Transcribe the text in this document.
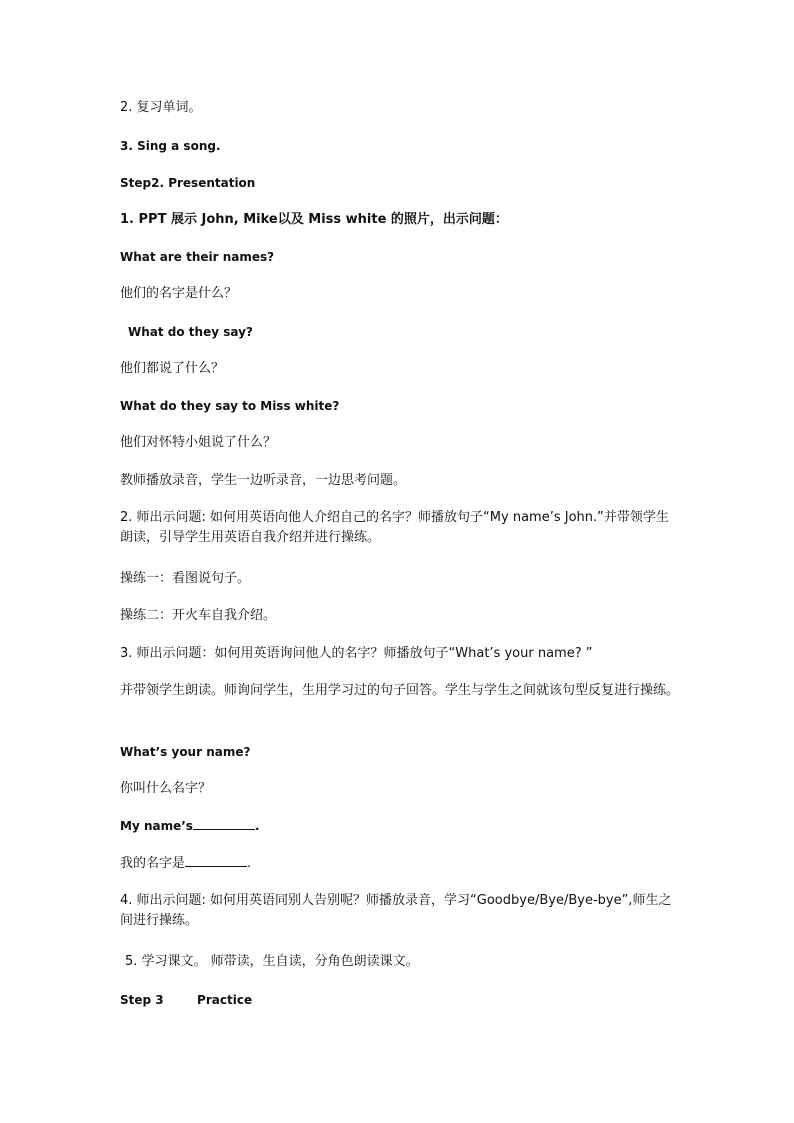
2. 复习单词。
3. Sing a song.
Step2. Presentation
1. PPT 展示 John, Mike以及 Miss white 的照片，出示问题：
What are their names?
他们的名字是什么？
What do they say?
他们都说了什么？
What do they say to Miss white?
他们对怀特小姐说了什么？
教师播放录音，学生一边听录音，一边思考问题。
2. 师出示问题: 如何用英语向他人介绍自己的名字？师播放句子“My name’s John.”并带领学生朗读，引导学生用英语自我介绍并进行操练。
操练一：看图说句子。
操练二：开火车自我介绍。
3. 师出示问题：如何用英语询问他人的名字？师播放句子“What’s your name? ”
并带领学生朗读。师询问学生，生用学习过的句子回答。学生与学生之间就该句型反复进行操练。
What’s your name?
你叫什么名字？
My name’s	.
我的名字是	.
4. 师出示问题: 如何用英语同别人告别呢？师播放录音，学习“Goodbye/Bye/Bye-bye”,师生之间进行操练。
5. 学习课文。 师带读，生自读，分角色朗读课文。
Step 3        Practice
